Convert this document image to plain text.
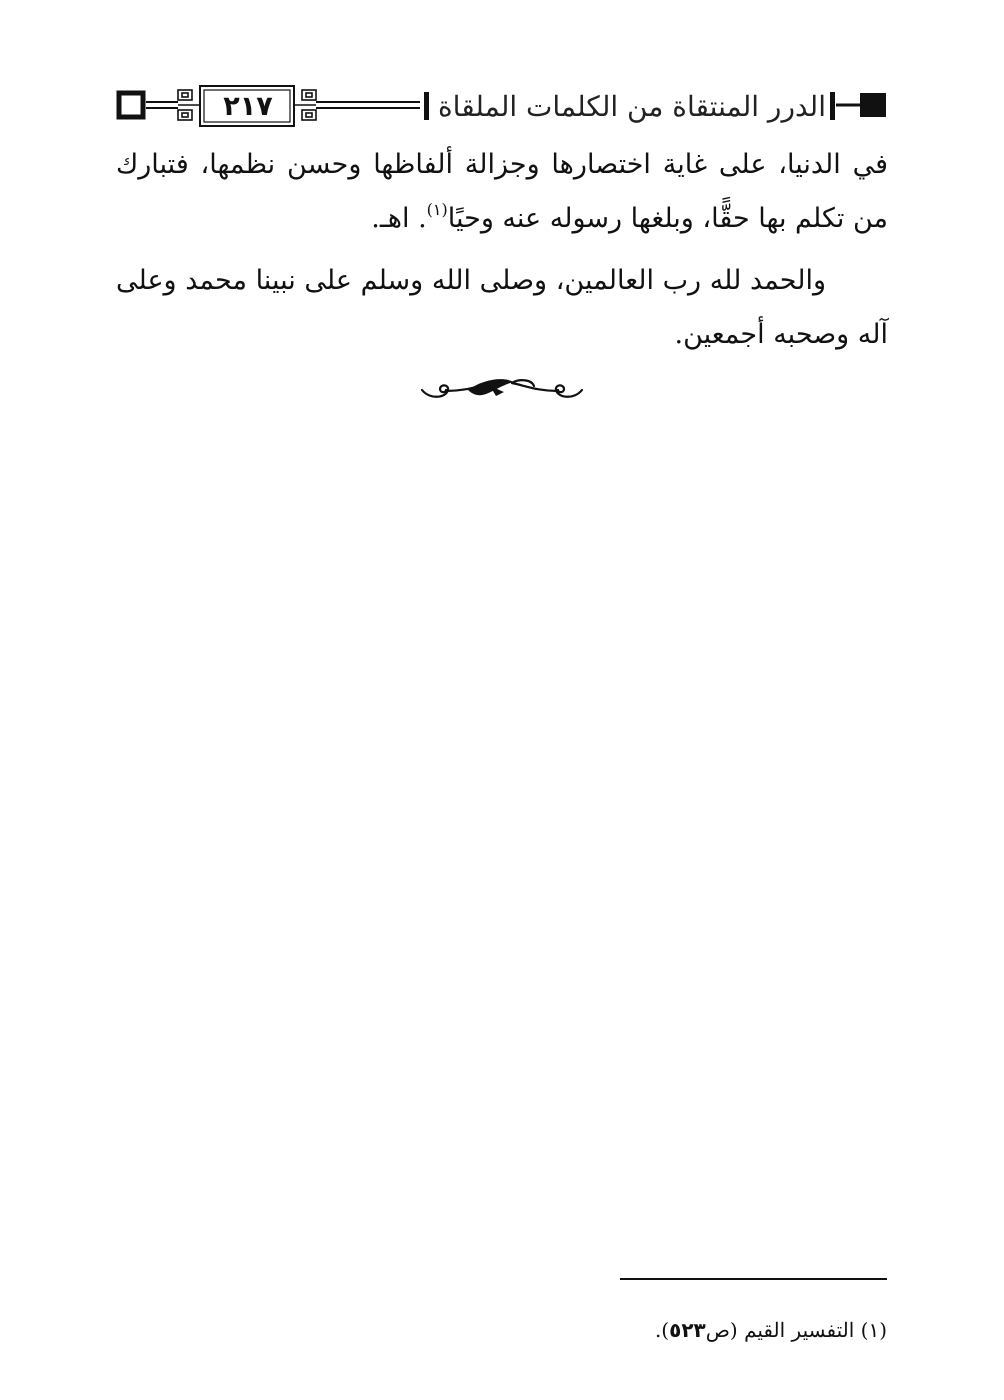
٢١٧	الدرر المنتقاة من الكلمات الملقاة

في الدنيا، على غاية اختصارها وجزالة ألفاظها وحسن نظمها، فتبارك من تكلم بها حقًّا، وبلغها رسوله عنه وحيًا$^{(١)}$. اهـ.

والحمد لله رب العالمين، وصلى الله وسلم على نبينا محمد وعلى آله وصحبه أجمعين.

(١) التفسير القيم (ص٥٢٣).
